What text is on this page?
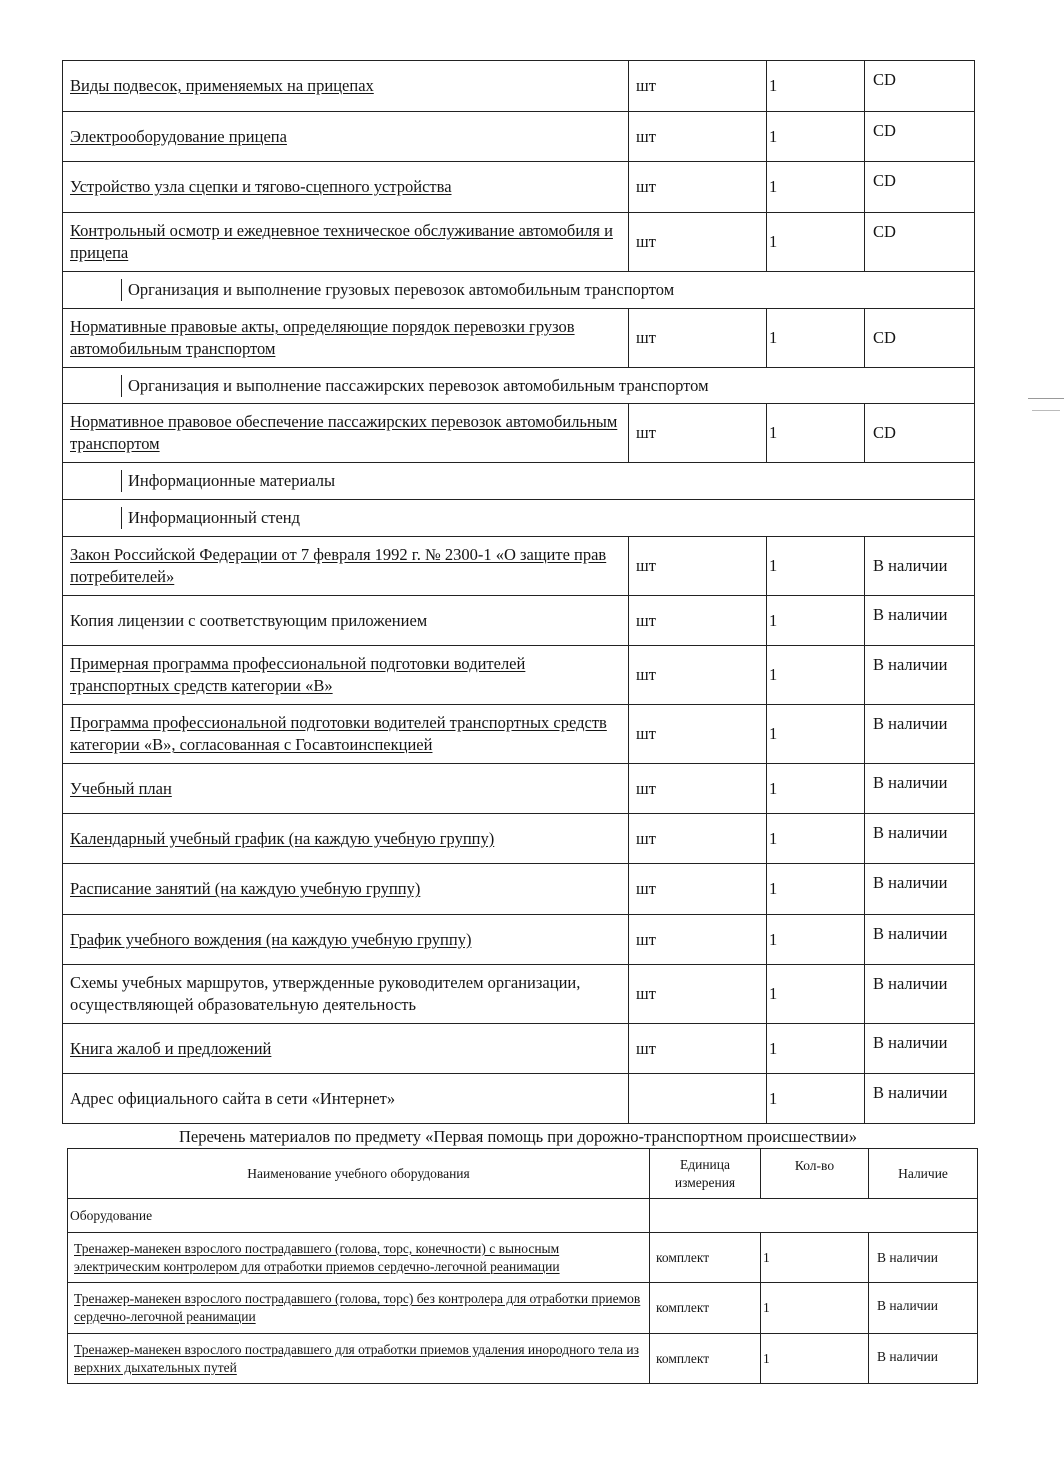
Виды подвесок, применяемых на прицепах	шт	1	CD
Электрооборудование прицепа	шт	1	CD
Устройство узла сцепки и тягово-сцепного устройства	шт	1	CD
Контрольный осмотр и ежедневное техническое обслуживание автомобиля и прицепа	шт	1	CD

Организация и выполнение грузовых перевозок автомобильным транспортом			

Нормативные правовые акты, определяющие порядок перевозки грузов автомобильным транспортом	шт	1	CD

Организация и выполнение пассажирских перевозок автомобильным транспортом			

Нормативное правовое обеспечение пассажирских перевозок автомобильным транспортом	шт	1	CD

Информационные материалы			

Информационный стенд			

Закон Российской Федерации от 7 февраля 1992 г. № 2300-1 «О защите прав потребителей»	шт	1	В наличии
Копия лицензии с соответствующим приложением	шт	1	В наличии
Примерная программа профессиональной подготовки водителей транспортных средств категории «В»	шт	1	В наличии
Программа профессиональной подготовки водителей транспортных средств категории «В», согласованная с Госавтоинспекцией	шт	1	В наличии
Учебный план	шт	1	В наличии
Календарный учебный график (на каждую учебную группу)	шт	1	В наличии
Расписание занятий (на каждую учебную группу)	шт	1	В наличии
График учебного вождения (на каждую учебную группу)	шт	1	В наличии
Схемы учебных маршрутов, утвержденные руководителем организации, осуществляющей образовательную деятельность	шт	1	В наличии
Книга жалоб и предложений	шт	1	В наличии
Адрес официального сайта в сети «Интернет»		1	В наличии
Перечень материалов по предмету «Первая помощь при дорожно-транспортном происшествии»
Наименование учебного оборудования	Единица измерения	Кол-во	Наличие
Оборудование			
Тренажер-манекен взрослого пострадавшего (голова, торс, конечности) с выносным электрическим контролером для отработки приемов сердечно-легочной реанимации	комплект	1	В наличии
Тренажер-манекен взрослого пострадавшего (голова, торс) без контролера для отработки приемов сердечно-легочной реанимации	комплект	1	В наличии
Тренажер-манекен взрослого пострадавшего для отработки приемов удаления инородного тела из верхних дыхательных путей	комплект	1	В наличии
